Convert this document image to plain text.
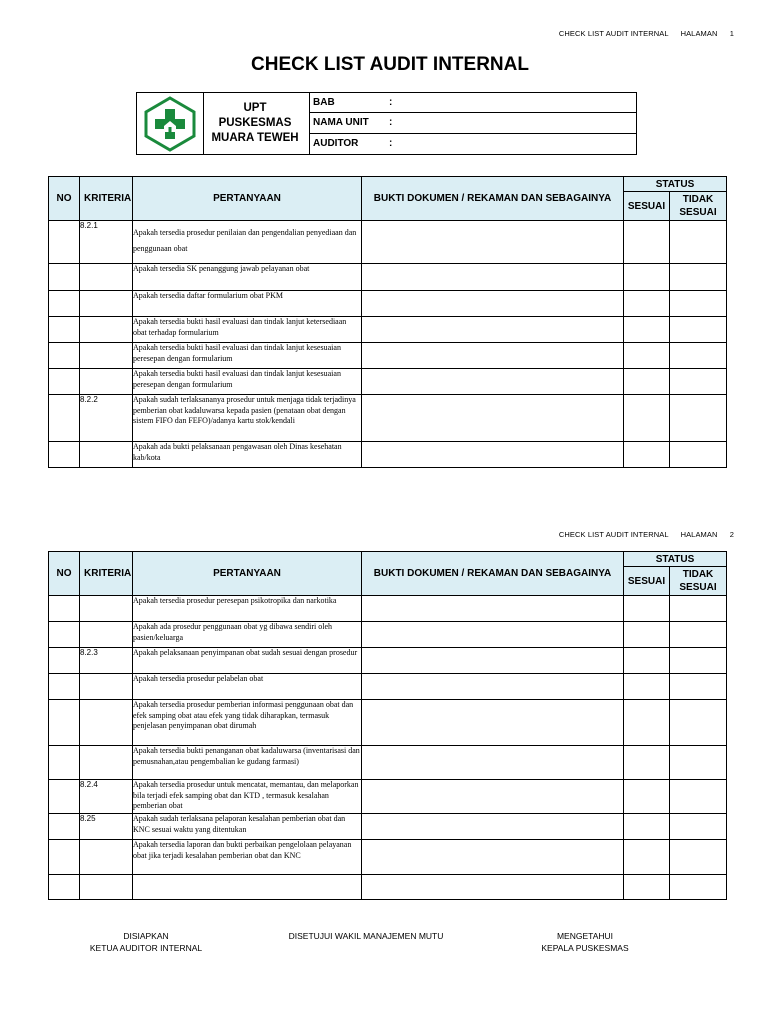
CHECK LIST AUDIT INTERNAL HALAMAN 1
CHECK LIST AUDIT INTERNAL
UPT PUSKESMAS
MUARA TEWEH
BAB	:
NAMA UNIT	:
AUDITOR	:
NO	KRITERIA	PERTANYAAN	BUKTI DOKUMEN / REKAMAN DAN SEBAGAINYA	STATUS	
				SESUAI	TIDAK SESUAI
	8.2.1	Apakah tersedia prosedur penilaian dan pengendalian penyediaan dan penggunaan obat			
		Apakah tersedia SK penanggung jawab pelayanan obat			
		Apakah tersedia daftar formularium obat PKM			
		Apakah tersedia bukti hasil evaluasi dan tindak lanjut ketersediaan obat terhadap formularium			
		Apakah tersedia bukti hasil evaluasi dan tindak lanjut kesesuaian peresepan dengan formularium			
		Apakah tersedia bukti hasil evaluasi dan tindak lanjut kesesuaian peresepan dengan formularium			
	8.2.2	Apakah sudah terlaksananya prosedur untuk menjaga tidak terjadinya pemberian obat kadaluwarsa kepada pasien (penataan obat dengan sistem FIFO dan FEFO)/adanya kartu stok/kendali			
		Apakah ada bukti pelaksanaan pengawasan oleh Dinas kesehatan kab/kota			
CHECK LIST AUDIT INTERNAL HALAMAN 2
NO	KRITERIA	PERTANYAAN	BUKTI DOKUMEN / REKAMAN DAN SEBAGAINYA	STATUS	
				SESUAI	TIDAK SESUAI
		Apakah tersedia prosedur peresepan psikotropika dan narkotika			
		Apakah ada prosedur penggunaan obat yg dibawa sendiri oleh pasien/keluarga			
	8.2.3	Apakah pelaksanaan penyimpanan obat sudah sesuai dengan prosedur			
		Apakah tersedia prosedur pelabelan obat			
		Apakah tersedia prosedur pemberian informasi penggunaan obat dan efek samping obat atau efek yang tidak diharapkan, termasuk penjelasan penyimpanan obat dirumah			
		Apakah tersedia bukti penanganan obat kadaluwarsa (inventarisasi dan pemusnahan,atau pengembalian ke gudang farmasi)			
	8.2.4	Apakah tersedia prosedur untuk mencatat, memantau, dan melaporkan bila terjadi efek samping obat dan KTD , termasuk kesalahan pemberian obat			
	8.25	Apakah sudah terlaksana pelaporan kesalahan pemberian obat dan KNC sesuai waktu yang ditentukan			
		Apakah tersedia laporan dan bukti perbaikan pengelolaan pelayanan obat jika terjadi kesalahan pemberian obat dan KNC			

DISIAPKAN
KETUA AUDITOR INTERNAL
DISETUJUI WAKIL MANAJEMEN MUTU	MENGETAHUI
KEPALA PUSKESMAS
